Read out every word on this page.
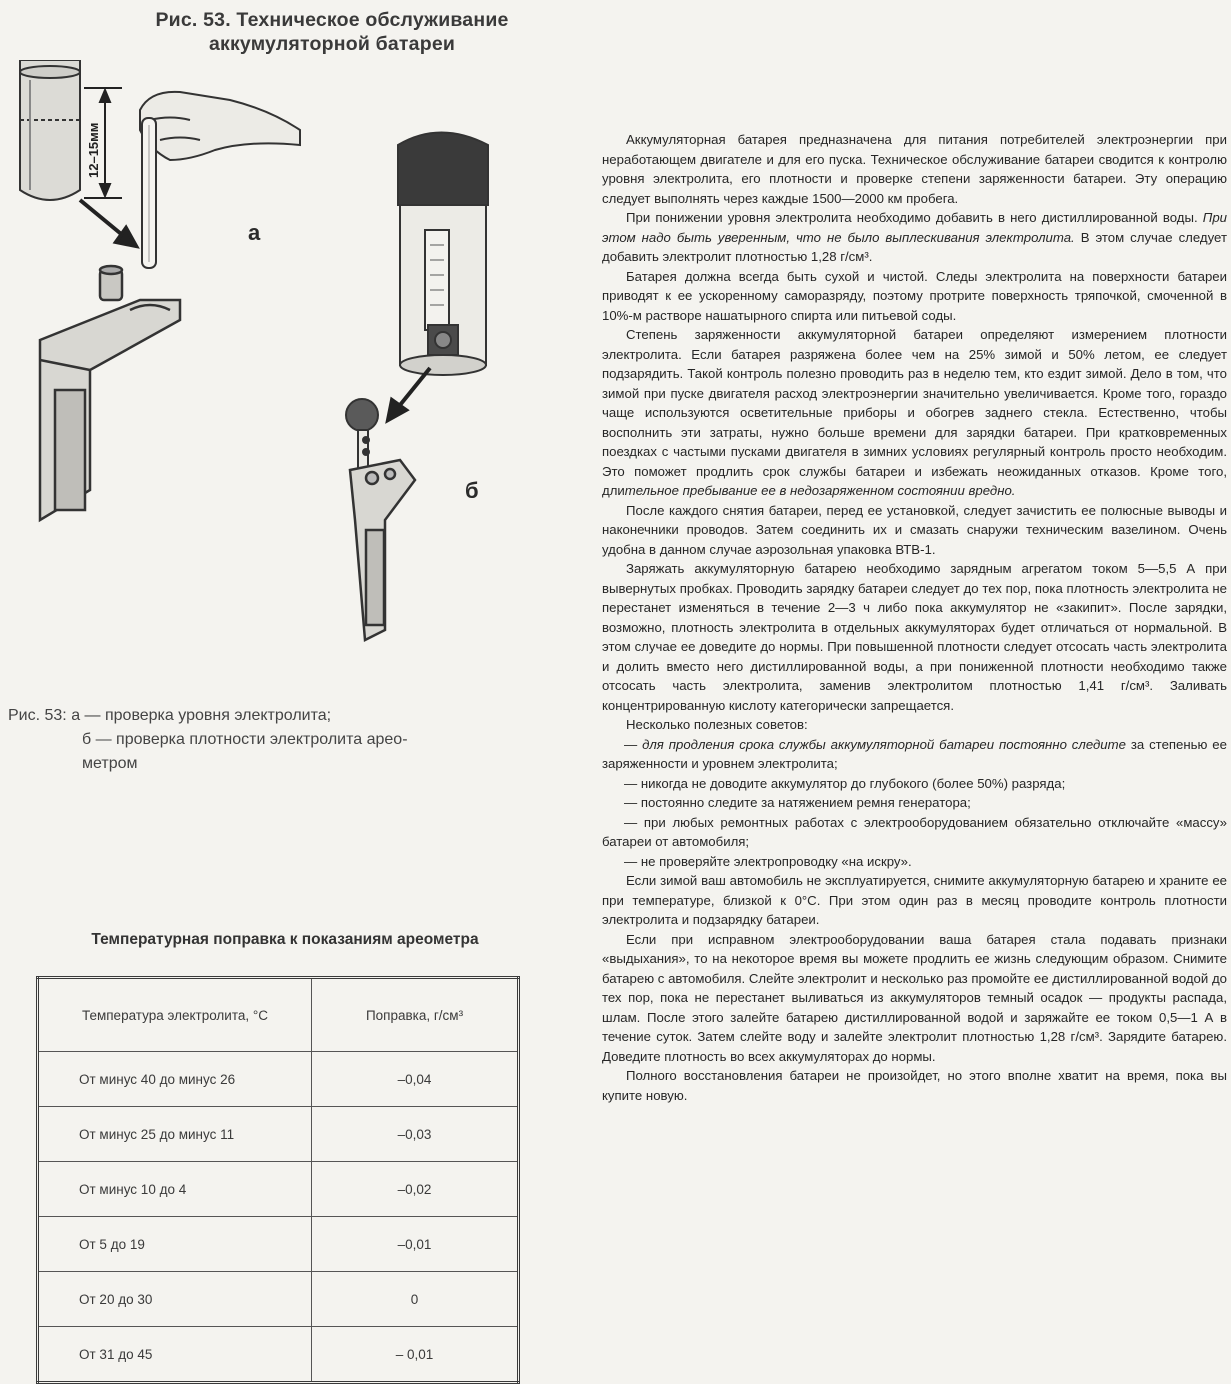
Рис. 53. Техническое обслуживание
аккумуляторной батареи
12–15мм
а
б
Рис. 53: а — проверка уровня электролита;
б — проверка плотности электролита арео-
метром
Температурная поправка к показаниям ареометра
Температура электролита, °С	Поправка, г/см³
От минус 40 до минус 26	–0,04
От минус 25 до минус 11	–0,03
От минус 10 до 4	–0,02
От 5 до 19	–0,01
От 20 до 30	0
От 31 до 45	– 0,01

Аккумуляторная батарея предназначена для питания потребителей электроэнергии при неработающем двигателе и для его пуска. Техническое обслуживание батареи сводится к контролю уровня электролита, его плотности и проверке степени заряженности батареи. Эту операцию следует выполнять через каждые 1500—2000 км пробега.

При понижении уровня электролита необходимо добавить в него дистиллированной воды. При этом надо быть уверенным, что не было выплескивания электролита. В этом случае следует добавить электролит плотностью 1,28 г/см³.

Батарея должна всегда быть сухой и чистой. Следы электролита на поверхности батареи приводят к ее ускоренному саморазряду, поэтому протрите поверхность тряпочкой, смоченной в 10%-м растворе нашатырного спирта или питьевой соды.

Степень заряженности аккумуляторной батареи определяют измерением плотности электролита. Если батарея разряжена более чем на 25% зимой и 50% летом, ее следует подзарядить. Такой контроль полезно проводить раз в неделю тем, кто ездит зимой. Дело в том, что зимой при пуске двигателя расход электроэнергии значительно увеличивается. Кроме того, гораздо чаще используются осветительные приборы и обогрев заднего стекла. Естественно, чтобы восполнить эти затраты, нужно больше времени для зарядки батареи. При кратковременных поездках с частыми пусками двигателя в зимних условиях регулярный контроль просто необходим. Это поможет продлить срок службы батареи и избежать неожиданных отказов. Кроме того, длительное пребывание ее в недозаряженном состоянии вредно.

После каждого снятия батареи, перед ее установкой, следует зачистить ее полюсные выводы и наконечники проводов. Затем соединить их и смазать снаружи техническим вазелином. Очень удобна в данном случае аэрозольная упаковка ВТВ-1.

Заряжать аккумуляторную батарею необходимо зарядным агрегатом током 5—5,5 А при вывернутых пробках. Проводить зарядку батареи следует до тех пор, пока плотность электролита не перестанет изменяться в течение 2—3 ч либо пока аккумулятор не «закипит». После зарядки, возможно, плотность электролита в отдельных аккумуляторах будет отличаться от нормальной. В этом случае ее доведите до нормы. При повышенной плотности следует отсосать часть электролита и долить вместо него дистиллированной воды, а при пониженной плотности необходимо также отсосать часть электролита, заменив электролитом плотностью 1,41 г/см³. Заливать концентрированную кислоту категорически запрещается.

Несколько полезных советов:

— для продления срока службы аккумуляторной батареи постоянно следите за степенью ее заряженности и уровнем электролита;

— никогда не доводите аккумулятор до глубокого (более 50%) разряда;

— постоянно следите за натяжением ремня генератора;

— при любых ремонтных работах с электрооборудованием обязательно отключайте «массу» батареи от автомобиля;

— не проверяйте электропроводку «на искру».

Если зимой ваш автомобиль не эксплуатируется, снимите аккумуляторную батарею и храните ее при температуре, близкой к 0°С. При этом один раз в месяц проводите контроль плотности электролита и подзарядку батареи.

Если при исправном электрооборудовании ваша батарея стала подавать признаки «выдыхания», то на некоторое время вы можете продлить ее жизнь следующим образом. Снимите батарею с автомобиля. Слейте электролит и несколько раз промойте ее дистиллированной водой до тех пор, пока не перестанет выливаться из аккумуляторов темный осадок — продукты распада, шлам. После этого залейте батарею дистиллированной водой и заряжайте ее током 0,5—1 А в течение суток. Затем слейте воду и залейте электролит плотностью 1,28 г/см³. Зарядите батарею. Доведите плотность во всех аккумуляторах до нормы.

Полного восстановления батареи не произойдет, но этого вполне хватит на время, пока вы купите новую.
